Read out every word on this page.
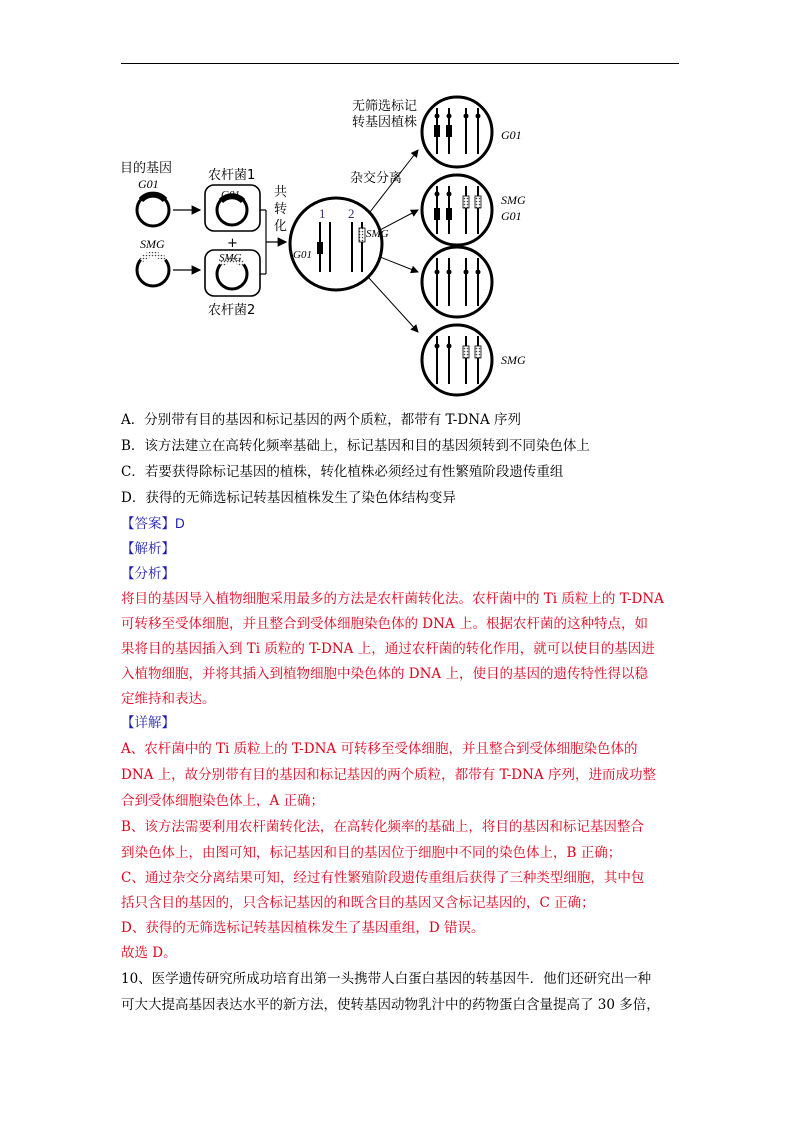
目的基因
G01
SMG
农杆菌1
G01
+
SMG
农杆菌2
共
转
化
1 2
SMG
G01
杂交分离
无筛选标记
转基因植株
G01
SMG
G01
SMG
A．分别带有目的基因和标记基因的两个质粒，都带有 T-DNA 序列
B．该方法建立在高转化频率基础上，标记基因和目的基因须转到不同染色体上
C．若要获得除标记基因的植株，转化植株必须经过有性繁殖阶段遗传重组
D．获得的无筛选标记转基因植株发生了染色体结构变异
【答案】D
【解析】
【分析】
将目的基因导入植物细胞采用最多的方法是农杆菌转化法。农杆菌中的 Ti 质粒上的 T-DNA
可转移至受体细胞，并且整合到受体细胞染色体的 DNA 上。根据农杆菌的这种特点，如
果将目的基因插入到 Ti 质粒的 T-DNA 上，通过农杆菌的转化作用，就可以使目的基因进
入植物细胞，并将其插入到植物细胞中染色体的 DNA 上，使目的基因的遗传特性得以稳
定维持和表达。
【详解】
A、农杆菌中的 Ti 质粒上的 T-DNA 可转移至受体细胞，并且整合到受体细胞染色体的
DNA 上，故分别带有目的基因和标记基因的两个质粒，都带有 T-DNA 序列，进而成功整
合到受体细胞染色体上，A 正确；
B、该方法需要利用农杆菌转化法，在高转化频率的基础上，将目的基因和标记基因整合
到染色体上，由图可知，标记基因和目的基因位于细胞中不同的染色体上，B 正确；
C、通过杂交分离结果可知，经过有性繁殖阶段遗传重组后获得了三种类型细胞，其中包
括只含目的基因的，只含标记基因的和既含目的基因又含标记基因的，C 正确；
D、获得的无筛选标记转基因植株发生了基因重组，D 错误。
故选 D。
10、医学遗传研究所成功培育出第一头携带人白蛋白基因的转基因牛．他们还研究出一种
可大大提高基因表达水平的新方法，使转基因动物乳汁中的药物蛋白含量提高了 30 多倍，
